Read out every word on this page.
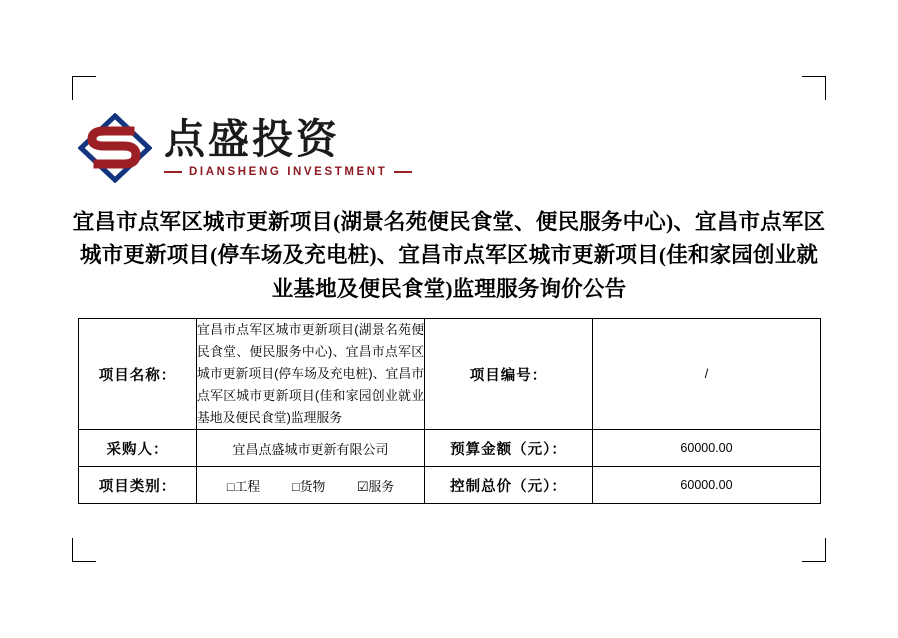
点盛投资
DIANSHENG INVESTMENT
宜昌市点军区城市更新项目(湖景名苑便民食堂、便民服务中心)、宜昌市点军区城市更新项目(停车场及充电桩)、宜昌市点军区城市更新项目(佳和家园创业就业基地及便民食堂)监理服务询价公告
项目名称：	宜昌市点军区城市更新项目(湖景名苑便民食堂、便民服务中心)、宜昌市点军区城市更新项目(停车场及充电桩)、宜昌市点军区城市更新项目(佳和家园创业就业基地及便民食堂)监理服务	项目编号：	/
采购人：	宜昌点盛城市更新有限公司	预算金额（元）：	60000.00
项目类别：	□工程 □货物 ☑服务	控制总价（元）：	60000.00
